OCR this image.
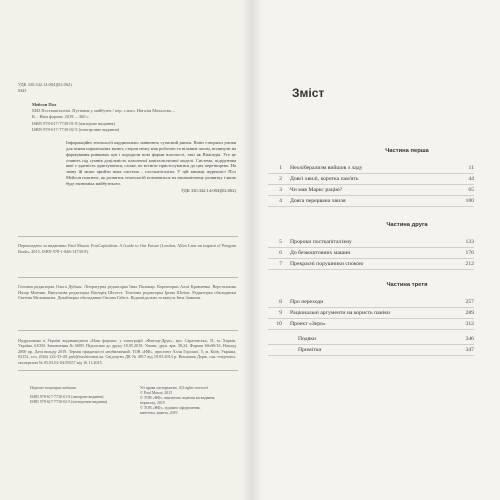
УДК 330.342.14:004](02.062)
М43
Мейсон Пол
М43 Посткапіталізм. Путівник у майбутнє / пер. з англ. Наталія Мочалова. –
К. : Наш формат, 2019. – 360 с.
ISBN 978-617-7730-01-8 (паперове видання)
ISBN 978-617-7730-02-5 (електронне видання)
Інформаційні технології кардинально змінюють сучасний ринок. Вони створили умови для появи паралельних валют, стерли межу між роботою та вільним часом, вплинули на формування ринкових цін і породили нові форми власності, такі як Вікіпедія. Усе це ставить під сумнів доцільність класичної капіталістичної моделі. Система, підґрунтям якої є здатність адаптуватися, схоже, не встигає пристосуватися до цих перетворень. На зміну їй може прийти нова система – посткапіталізм. У цій книжці журналіст Пол Мейсон пояснює, як розвиток технологій позначиться на економічному розвитку і якою буде економіка майбутнього.
УДК 330.342.14:004](02.062)
Перекладено за виданням: Paul Mason. PostCapitalism: A Guide to Our Future (London, Allen Lane an imprint of Penguin Books, 2015, ISBN 978-1-846-14738-8).
Головна редакторка Ольга Дубчак. Літературна редакторка Інна Паламар. Коректорки Алла Кравченко. Верстальник Назар Митник. Випускова редакторка Вікторія Шелест. Технічна редакторка Ірина Шітіна. Редакторка обкладинки Євгенія Мельникова. Дизайнерка обкладинки Оксана Габесі. Відповідальна за випуск Інна Замкова.
Надруковано в Україні видавництвом «Наш формат» у типографії «Фактор-Друк», вул. Саратовська, 51, м. Харків, Україна, 61030. Замовлення № 6089. Підписано до друку 18.05.2019. Умовн. друк. арк. 30,24. Формат 60х90/16. Наклад 2000 пр. Дата виходу 2019. Термін придатності необмежений. ТОВ «НФ», проспект Аллн Горської, 5, м. Київ, Україна, 02152, тел. (044) 222-33-49, pub@nashformat.ua. Свідоцтво ДК № 4817 від 19.05.2014 р. Висновок Держ. сан.-епідеміол. експертизи № 05.03.02-04/39357 від 16.11.2015.
Науково-популярне видання
ISBN 978-617-7730-01-8 (паперове видання)
ISBN 978-617-7730-02-5 (електронне видання)
Усі права застережено. All rights reserved
© Paul Mason, 2015
© ТОВ «НФ», виключна ліцензія на видання,
переклад, 2019
© ТОВ «НФ», художнє оформлення,
виготовл. макета, 2019
Зміст
Частина перша
1	Неоліберализм вийшов з ладу	11
2	Довгі хвилі, коротка пам'ять	44
3	Чи мав Маркс рацію?	65
4	Довга перервана хвиля	100
Частина друга
5	Пророки посткапіталізму	133
6	До безкоштовних машин	176
7	Прекрасні порушники спокою	212
Частина третя
8	Про переходи	257
9	Раціональні аргументи на користь паніки	289
10	Проект «Зеро»	312
Подяки	346
Примітки	347
